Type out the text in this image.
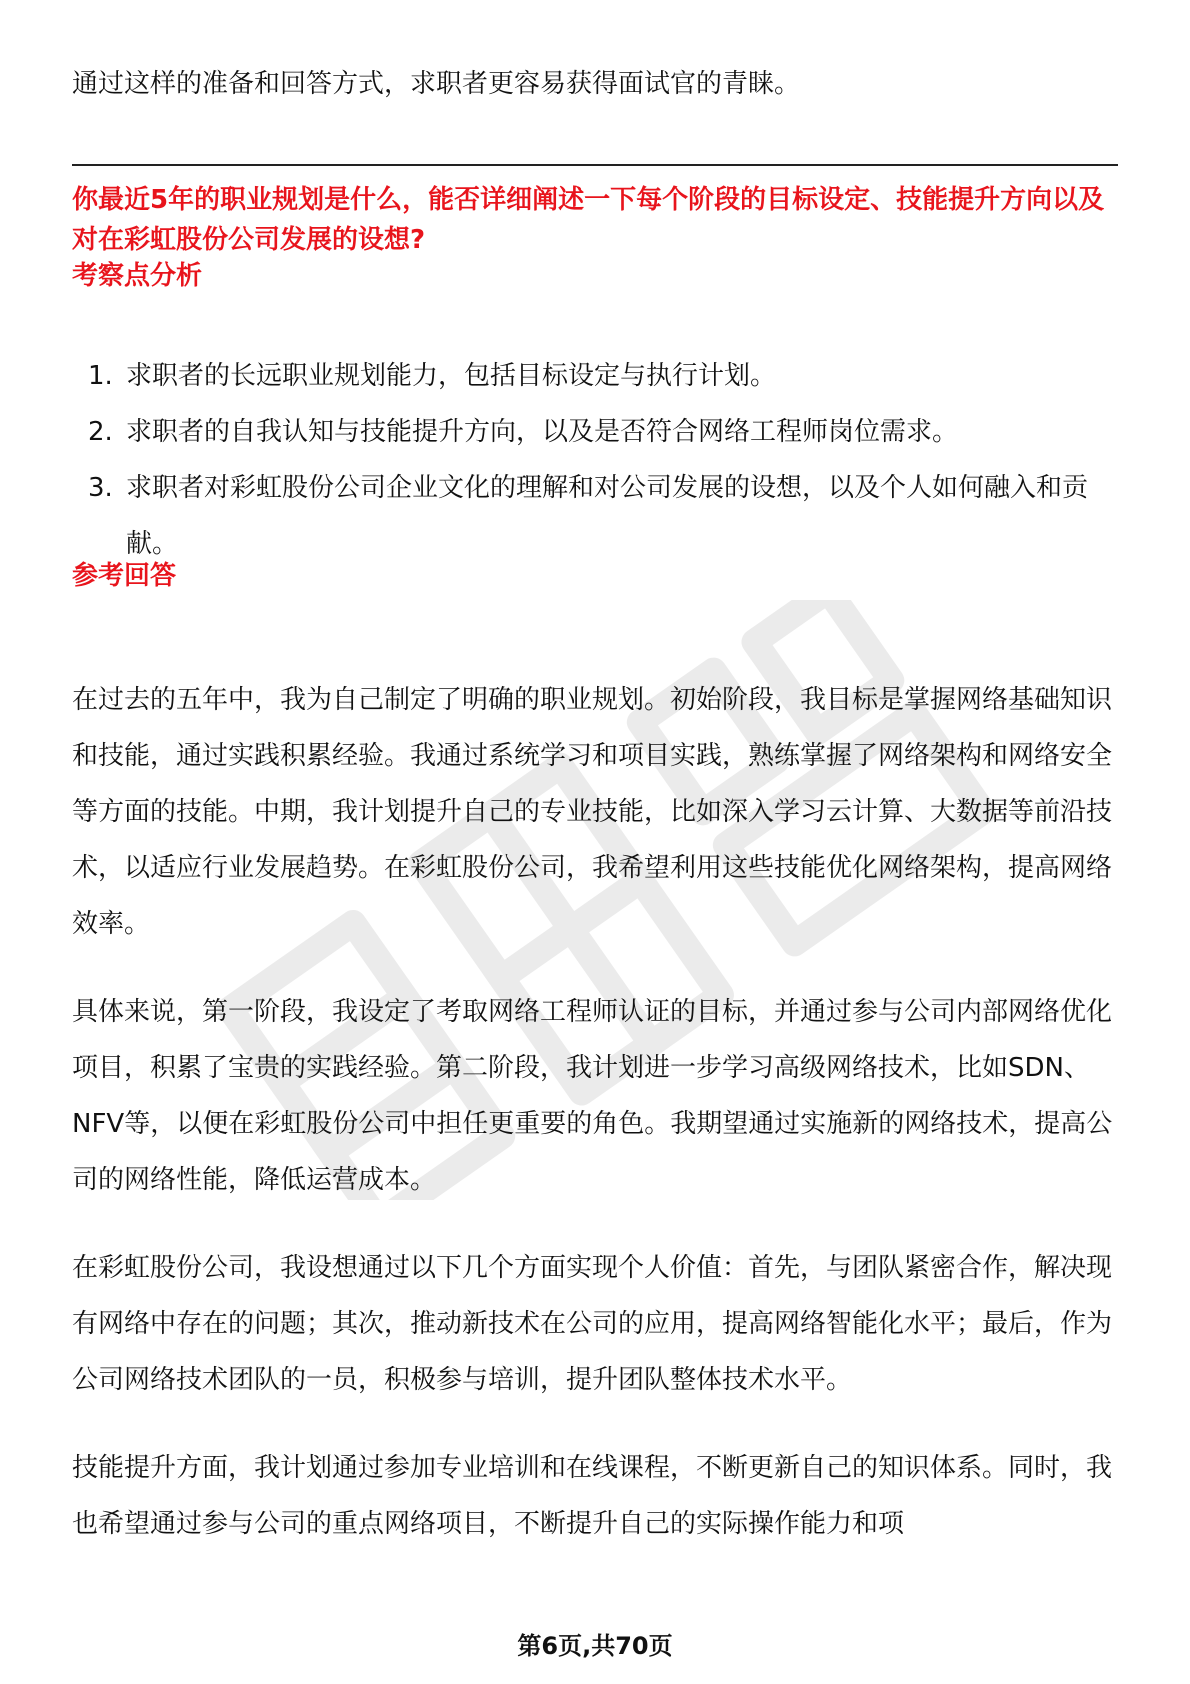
通过这样的准备和回答方式，求职者更容易获得面试官的青睐。
你最近5年的职业规划是什么，能否详细阐述一下每个阶段的目标设定、技能提升方向以及对在彩虹股份公司发展的设想?
考察点分析
1. 求职者的长远职业规划能力，包括目标设定与执行计划。
2. 求职者的自我认知与技能提升方向，以及是否符合网络工程师岗位需求。
3. 求职者对彩虹股份公司企业文化的理解和对公司发展的设想，以及个人如何融入和贡献。
参考回答

在过去的五年中，我为自己制定了明确的职业规划。初始阶段，我目标是掌握网络基础知识和技能，通过实践积累经验。我通过系统学习和项目实践，熟练掌握了网络架构和网络安全等方面的技能。中期，我计划提升自己的专业技能，比如深入学习云计算、大数据等前沿技术，以适应行业发展趋势。在彩虹股份公司，我希望利用这些技能优化网络架构，提高网络效率。

具体来说，第一阶段，我设定了考取网络工程师认证的目标，并通过参与公司内部网络优化项目，积累了宝贵的实践经验。第二阶段，我计划进一步学习高级网络技术，比如SDN、NFV等，以便在彩虹股份公司中担任更重要的角色。我期望通过实施新的网络技术，提高公司的网络性能，降低运营成本。

在彩虹股份公司，我设想通过以下几个方面实现个人价值：首先，与团队紧密合作，解决现有网络中存在的问题；其次，推动新技术在公司的应用，提高网络智能化水平；最后，作为公司网络技术团队的一员，积极参与培训，提升团队整体技术水平。

技能提升方面，我计划通过参加专业培训和在线课程，不断更新自己的知识体系。同时，我也希望通过参与公司的重点网络项目，不断提升自己的实际操作能力和项

第6页,共70页
